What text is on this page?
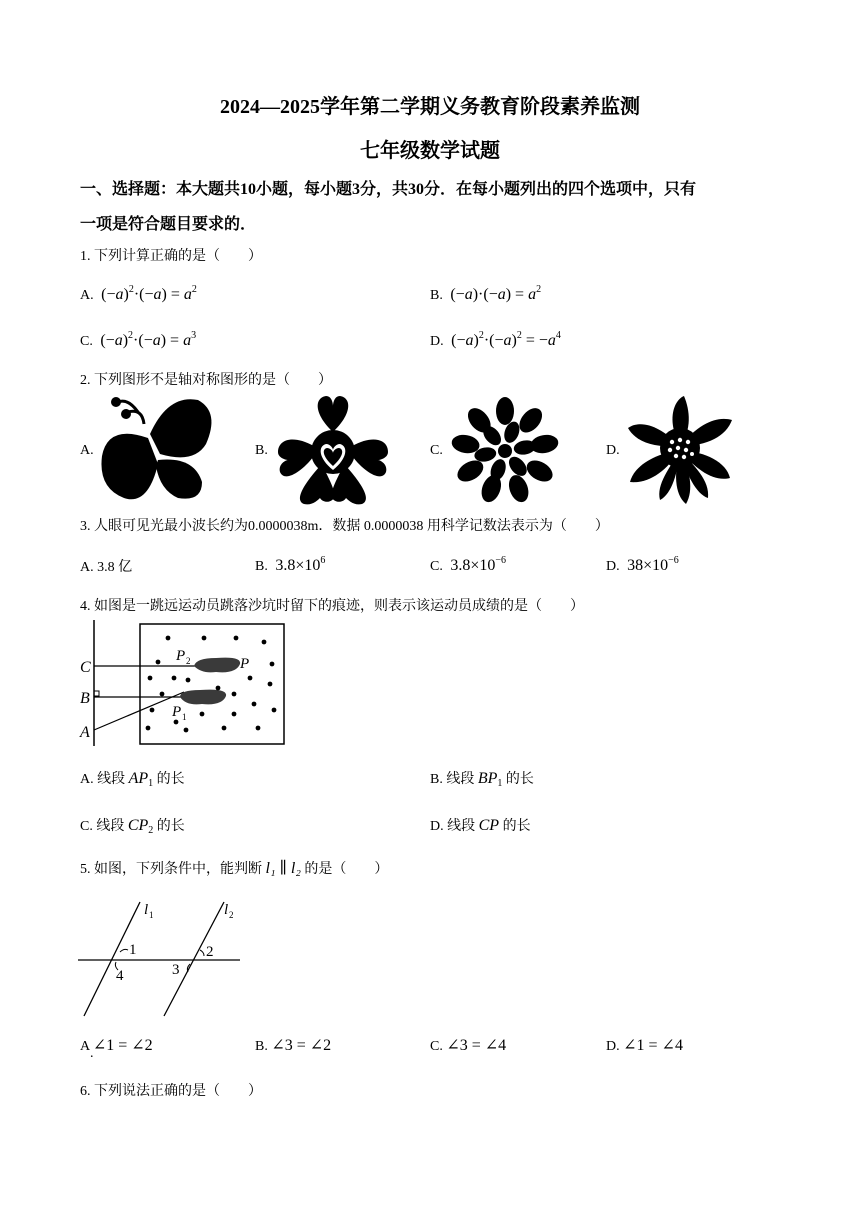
2024—2025学年第二学期义务教育阶段素养监测
七年级数学试题
一、选择题：本大题共10小题，每小题3分，共30分．在每小题列出的四个选项中，只有
一项是符合题目要求的．
1. 下列计算正确的是（　　）
A.  $(-a)^2\cdot(-a) = a^2$	B.  $(-a)\cdot(-a) = a^2$
C.  $(-a)^2\cdot(-a) = a^3$	D.  $(-a)^2\cdot(-a)^2 = -a^4$
2. 下列图形不是轴对称图形的是（　　）
A.	B.	C.	D.
3. 人眼可见光最小波长约为0.0000038m．数据 0.0000038 用科学记数法表示为（　　）
A. 3.8 亿	B.  $3.8\times 10^6$	C.  $3.8\times 10^{-6}$	D.  $38\times 10^{-6}$
4. 如图是一跳远运动员跳落沙坑时留下的痕迹，则表示该运动员成绩的是（　　）
C
B
A
P 2	P
P 1
A. 线段 $AP_1$ 的长	B. 线段 $BP_1$ 的长
C. 线段 $CP_2$ 的长	D. 线段 CP 的长
5. 如图，下列条件中，能判断 l₁ ∥ l₂ 的是（　　）
l 1	l 2
1	2
3
4
A ∠1 = ∠2
.	B. ∠3 = ∠2	C. ∠3 = ∠4	D. ∠1 = ∠4
6. 下列说法正确的是（　　）
